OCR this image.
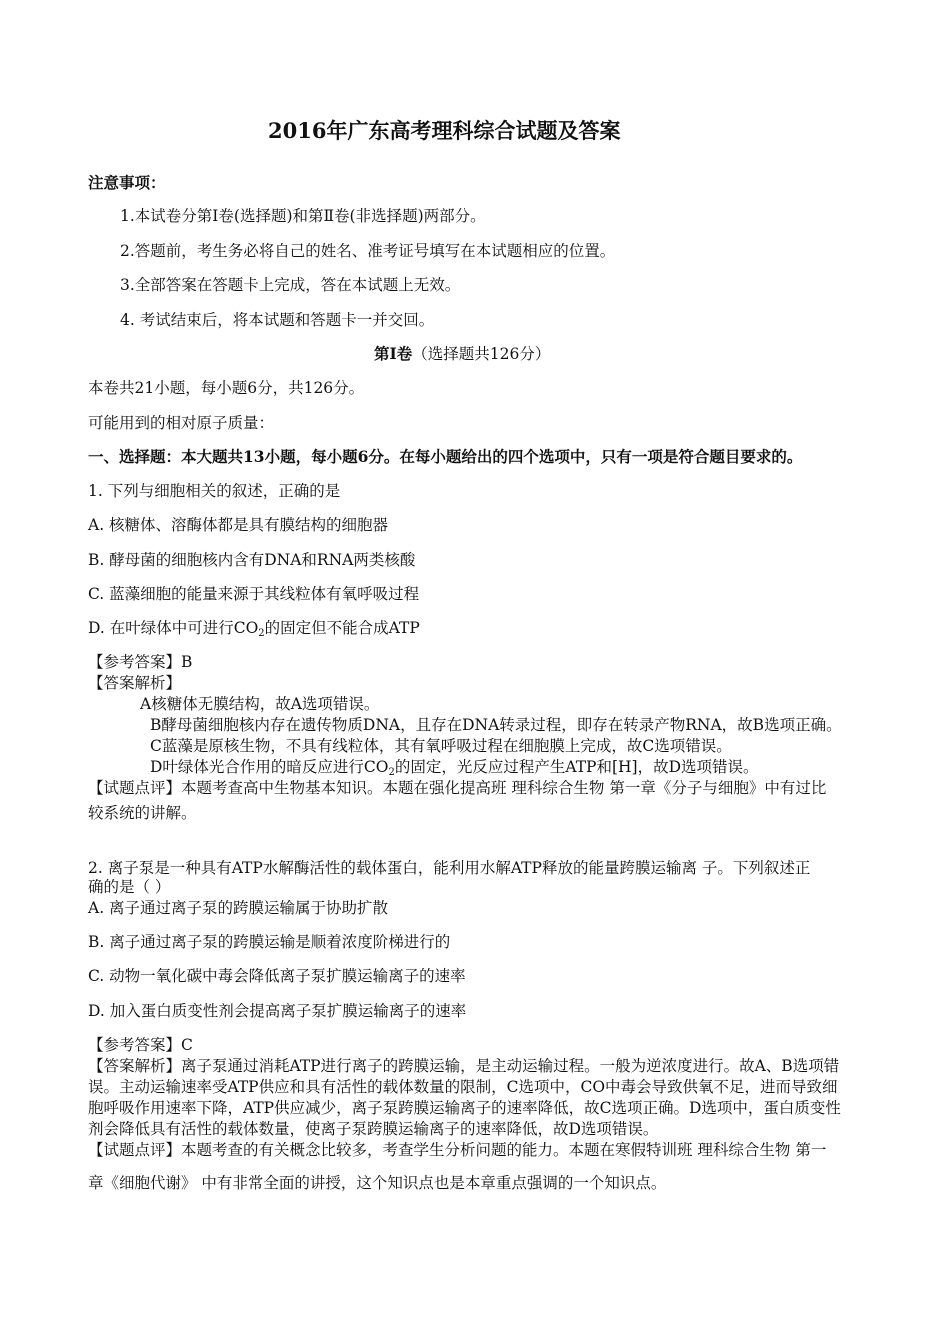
2016年广东高考理科综合试题及答案
注意事项：
1.本试卷分第Ⅰ卷(选择题)和第Ⅱ卷(非选择题)两部分。
2.答题前，考生务必将自己的姓名、准考证号填写在本试题相应的位置。
3.全部答案在答题卡上完成，答在本试题上无效。
4. 考试结束后，将本试题和答题卡一并交回。
第Ⅰ卷（选择题共126分）
本卷共21小题，每小题6分，共126分。
可能用到的相对原子质量：
一、选择题：本大题共13小题，每小题6分。在每小题给出的四个选项中，只有一项是符合题目要求的。
1. 下列与细胞相关的叙述，正确的是
A. 核糖体、溶酶体都是具有膜结构的细胞器
B. 酵母菌的细胞核内含有DNA和RNA两类核酸
C. 蓝藻细胞的能量来源于其线粒体有氧呼吸过程
D. 在叶绿体中可进行$CO_2$的固定但不能合成ATP
【参考答案】B
【答案解析】
A核糖体无膜结构，故A选项错误。
B酵母菌细胞核内存在遗传物质DNA，且存在DNA转录过程，即存在转录产物RNA，故B选项正确。
C蓝藻是原核生物，不具有线粒体，其有氧呼吸过程在细胞膜上完成，故C选项错误。
D叶绿体光合作用的暗反应进行$CO_2$的固定，光反应过程产生ATP和[H]，故D选项错误。
【试题点评】本题考查高中生物基本知识。本题在强化提高班 理科综合生物 第一章《分子与细胞》中有过比
较系统的讲解。
2. 离子泵是一种具有ATP水解酶活性的载体蛋白，能利用水解ATP释放的能量跨膜运输离 子。下列叙述正
确的是（ ）
A. 离子通过离子泵的跨膜运输属于协助扩散
B. 离子通过离子泵的跨膜运输是顺着浓度阶梯进行的
C. 动物一氧化碳中毒会降低离子泵扩膜运输离子的速率
D. 加入蛋白质变性剂会提高离子泵扩膜运输离子的速率
【参考答案】C
【答案解析】离子泵通过消耗ATP进行离子的跨膜运输，是主动运输过程。一般为逆浓度进行。故A、B选项错
误。主动运输速率受ATP供应和具有活性的载体数量的限制，C选项中，CO中毒会导致供氧不足，进而导致细
胞呼吸作用速率下降，ATP供应减少，离子泵跨膜运输离子的速率降低，故C选项正确。D选项中，蛋白质变性
剂会降低具有活性的载体数量，使离子泵跨膜运输离子的速率降低，故D选项错误。
【试题点评】本题考查的有关概念比较多，考查学生分析问题的能力。本题在寒假特训班 理科综合生物 第一
章《细胞代谢》 中有非常全面的讲授，这个知识点也是本章重点强调的一个知识点。
